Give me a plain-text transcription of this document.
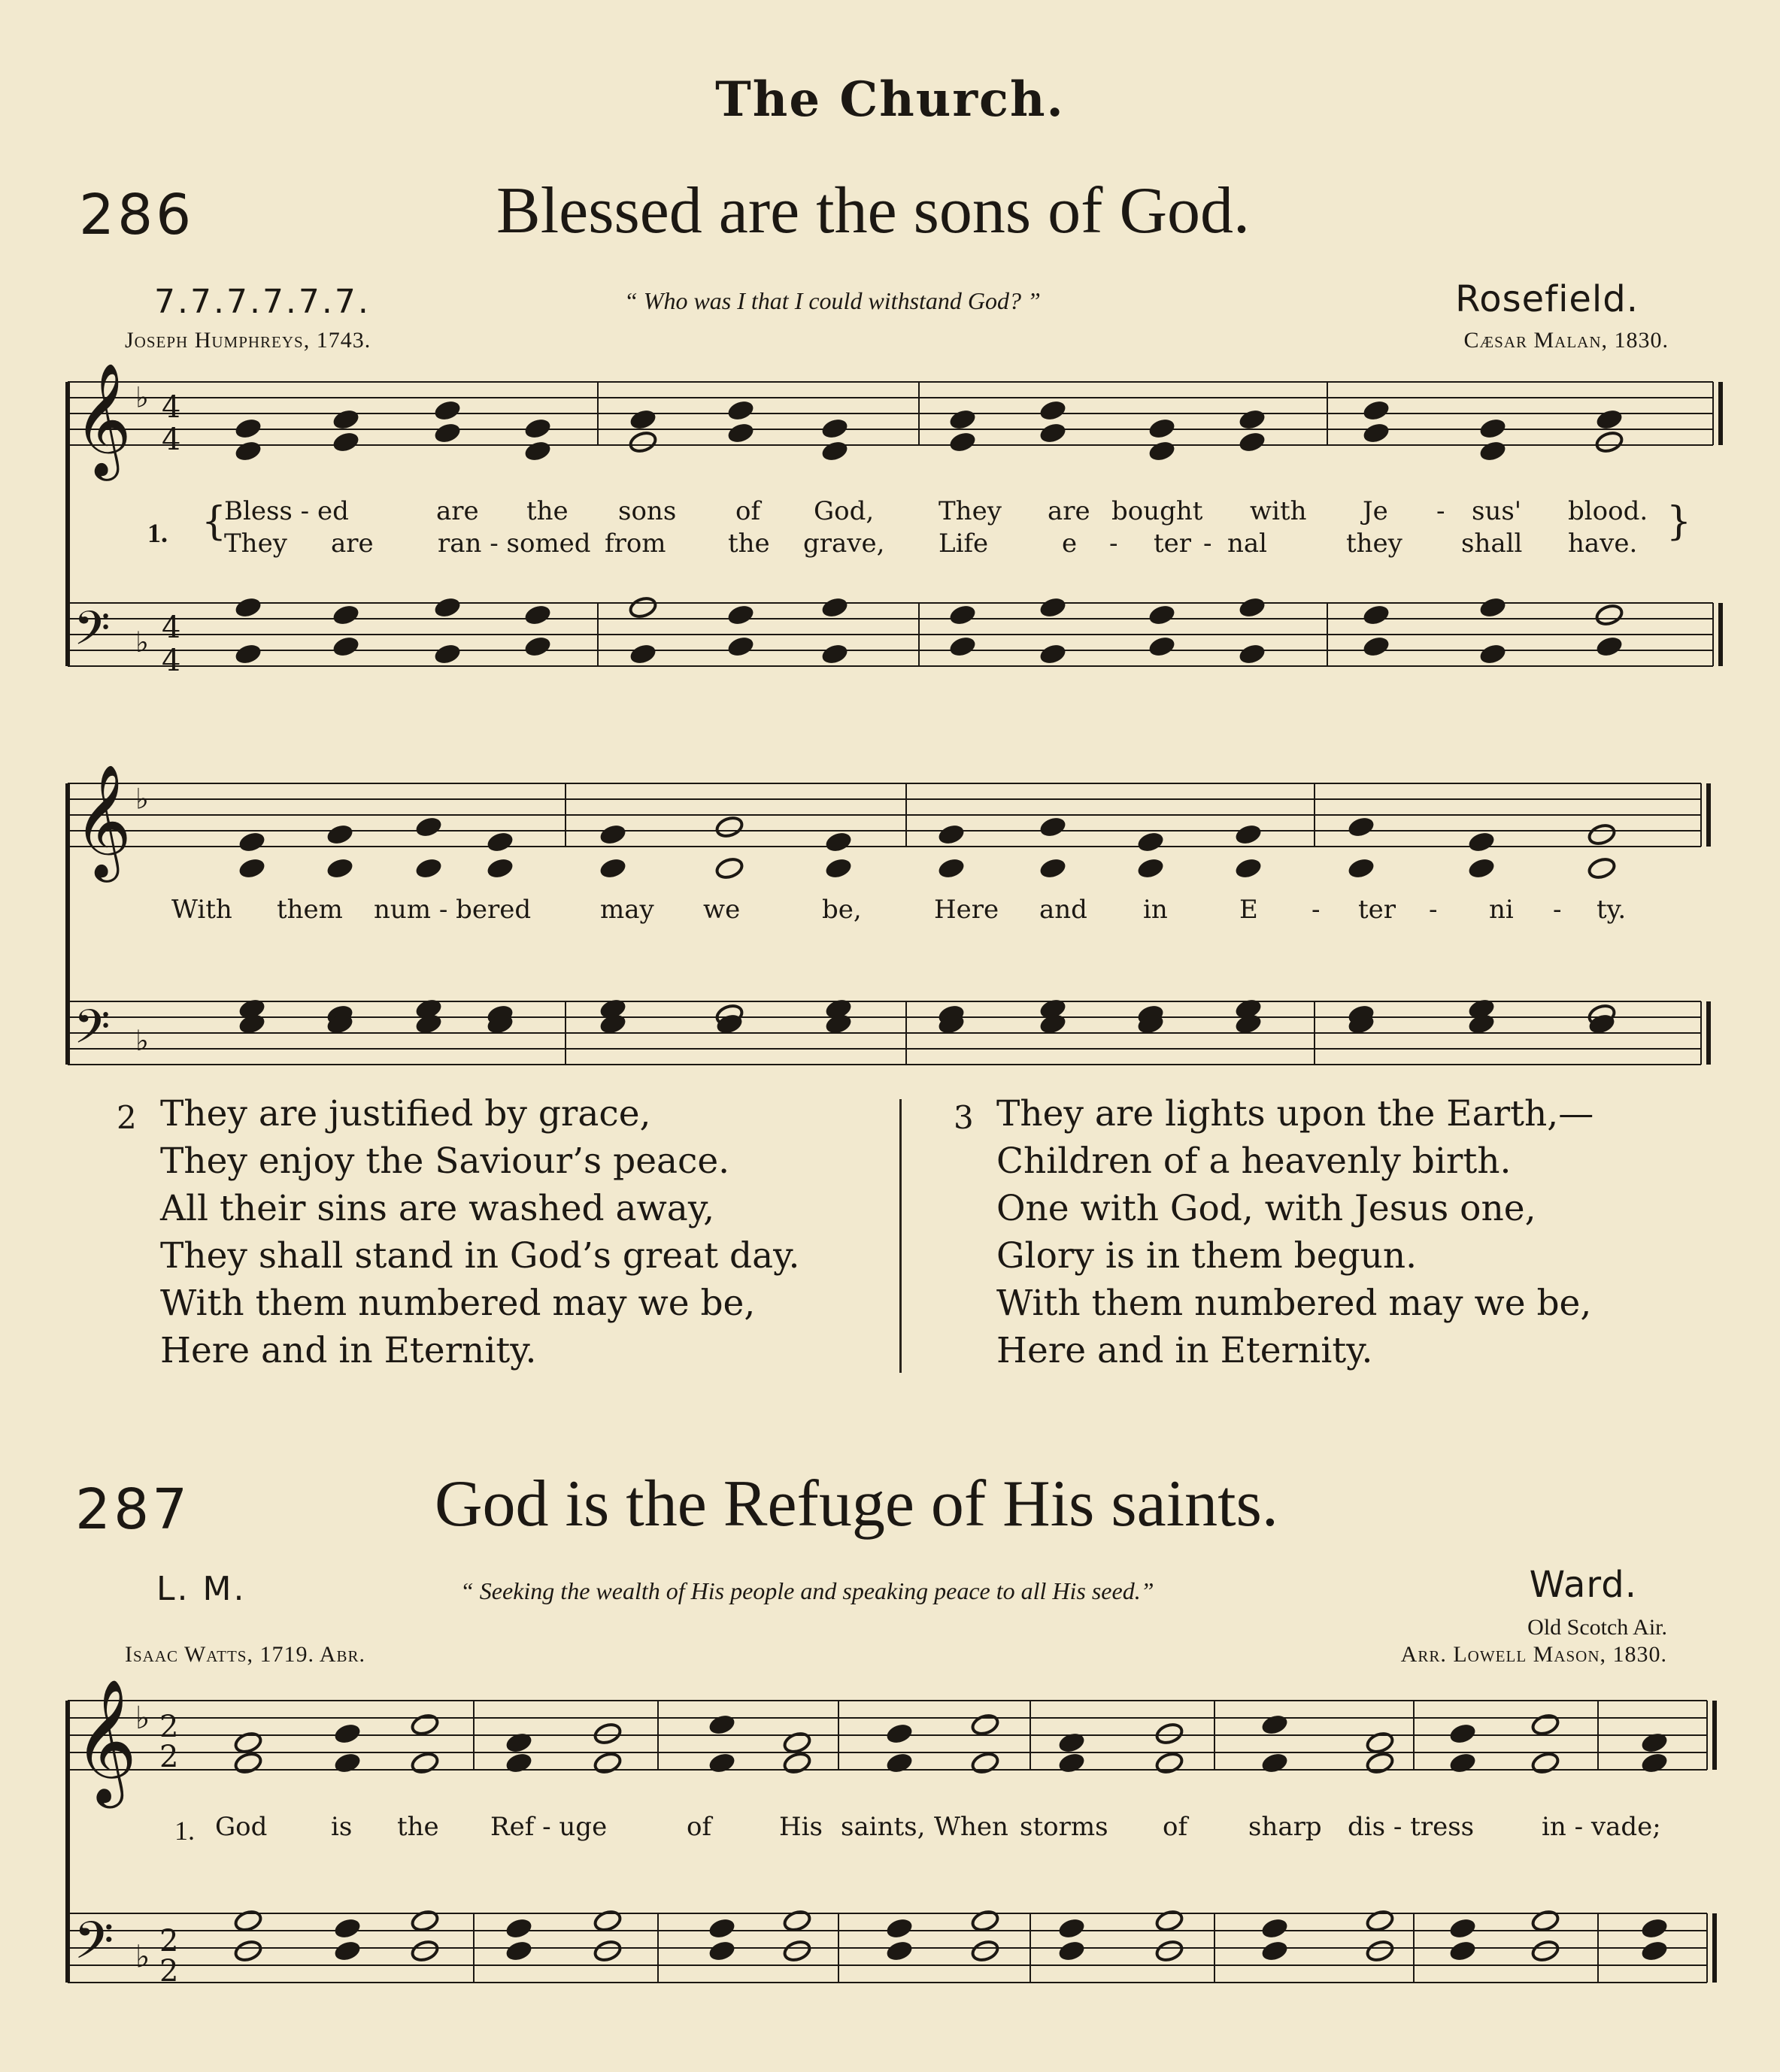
The Church.
286	Blessed are the sons of God.
7.7.7.7.7.7.	“ Who was I that I could withstand God? ”	Rosefield.
Joseph Humphreys, 1743.	Cæsar Malan, 1830.
𝄞
𝄢
♭
♭
4
4
4
4
𝄞
𝄢
♭
♭
𝄞
𝄢
♭
♭
2
2
2
2
1. {	}
Bless - ed	are the sons of God,	They are bought with Je - sus' blood.
They are	ran - somed from the grave, Life	e - ter - nal	they shall have.
With them num - bered	may we	be,	Here and in	E - ter - ni - ty.
2 They are justified by grace,
They enjoy the Saviour’s peace.
All their sins are washed away,
They shall stand in God’s great day.
With them numbered may we be,
Here and in Eternity.
3 They are lights upon the Earth,—
Children of a heavenly birth.
One with God, with Jesus one,
Glory is in them begun.
With them numbered may we be,
Here and in Eternity.
287	God is the Refuge of His saints.
L. M.	“ Seeking the wealth of His people and speaking peace to all His seed.”	Ward.
Old Scotch Air.
Isaac Watts, 1719. Abr.	Arr. Lowell Mason, 1830.
1. God is the Ref - uge	of	His saints, When storms of sharp dis - tress	in - vade;
